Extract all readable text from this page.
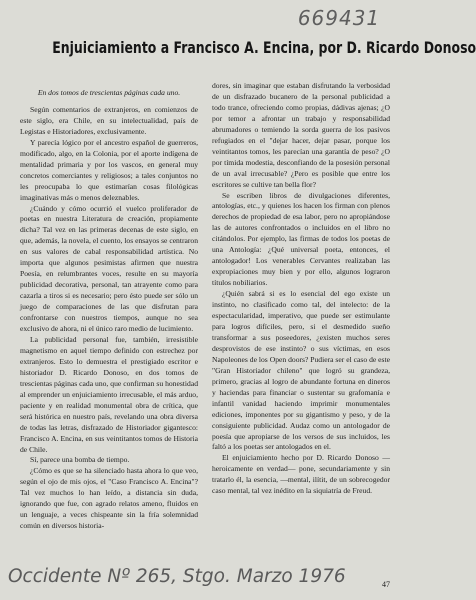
669431
Enjuiciamiento a Francisco A. Encina, por D. Ricardo Donoso

En dos tomos de trescientas páginas cada uno.

Según comentarios de extranjeros, en comienzos de este siglo, era Chile, en su intelectualidad, país de Legistas e Historiadores, exclusivamente.

Y parecía lógico por el ancestro español de guerreros, modificado, algo, en la Colonia, por el aporte indígena de mentalidad primaria y por los vascos, en general muy concretos comerciantes y religiosos; a tales conjuntos no les preocupaba lo que estimarían cosas filológicas imaginativas más o menos deleznables.

¿Cuándo y cómo ocurrió el vuelco proliferador de poetas en nuestra Literatura de creación, propiamente dicha? Tal vez en las primeras decenas de este siglo, en que, además, la novela, el cuento, los ensayos se centraron en sus valores de cabal responsabilidad artística. No importa que algunos pesimistas afirmen que nuestra Poesía, en relumbrantes voces, resulte en su mayoría publicidad decorativa, personal, tan atrayente como para cazarla a tiros si es necesario; pero ésto puede ser sólo un juego de comparaciones de las que disfrutan para confrontarse con nuestros tiempos, aunque no sea exclusivo de ahora, ni el único raro medio de lucimiento.

La publicidad personal fue, también, irresistible magnetismo en aquel tiempo definido con estrechez por extranjeros. Esto lo demuestra el prestigiado escritor e historiador D. Ricardo Donoso, en dos tomos de trescientas páginas cada uno, que confirman su honestidad al emprender un enjuiciamiento irrecusable, el más arduo, paciente y en realidad monumental obra de crítica, que será histórica en nuestro país, revelando una obra diversa de todas las letras, disfrazado de Historiador gigantesco: Francisco A. Encina, en sus veintitantos tomos de Historia de Chile.

Sí, parece una bomba de tiempo.

¿Cómo es que se ha silenciado hasta ahora lo que veo, según el ojo de mis ojos, el "Caso Francisco A. Encina"? Tal vez muchos lo han leído, a distancia sin duda, ignorando que fue, con agrado relatos ameno, fluidos en un lenguaje, a veces chispeante sin la fría solemnidad común en diversos historia-

dores, sin imaginar que estaban disfrutando la verbosidad de un disfrazado bucanero de la personal publicidad a todo trance, ofreciendo como propias, dádivas ajenas; ¿O por temor a afrontar un trabajo y responsabilidad abrumadores o temiendo la sorda guerra de los pasivos refugiados en el "dejar hacer, dejar pasar, porque los veintitantos tomos, les parecían una garantía de peso? ¿O por tímida modestia, desconfiando de la posesión personal de un aval irrecusable? ¿Pero es posible que entre los escritores se cultive tan bella flor?

Se escriben libros de divulgaciones diferentes, antologías, etc., y quienes los hacen los firman con plenos derechos de propiedad de esa labor, pero no apropiándose las de autores confrontados o incluidos en el libro no citándolos. Por ejemplo, las firmas de todos los poetas de una Antología: ¿Qué universal poeta, entonces, el antologador! Los venerables Cervantes realizaban las expropiaciones muy bien y por ello, algunos lograron títulos nobiliarios.

¿Quién sabrá si es lo esencial del ego existe un instinto, no clasificado como tal, del intelecto: de la espectacularidad, imperativo, que puede ser estimulante para logros difíciles, pero, si el desmedido sueño transformar a sus poseedores, ¿existen muchos seres desprovistos de ese instinto? o sus víctimas, en esos Napoleones de los Open doors? Pudiera ser el caso de este "Gran Historiador chileno" que logró su grandeza, primero, gracias al logro de abundante fortuna en dineros y haciendas para financiar o sustentar su grafomanía e infantil vanidad haciendo imprimir monumentales ediciones, imponentes por su gigantismo y peso, y de la consiguiente publicidad. Audaz como un antologador de poesía que apropiarse de los versos de sus incluidos, les faltó a los poetas ser antologados en el.

El enjuiciamiento hecho por D. Ricardo Donoso —heroicamente en verdad— pone, secundariamente y sin tratarlo él, la esencia, —mental, ilítit, de un sobrecogedor caso mental, tal vez inédito en la siquiatría de Freud.

Occidente Nº 265, Stgo. Marzo 1976	47
